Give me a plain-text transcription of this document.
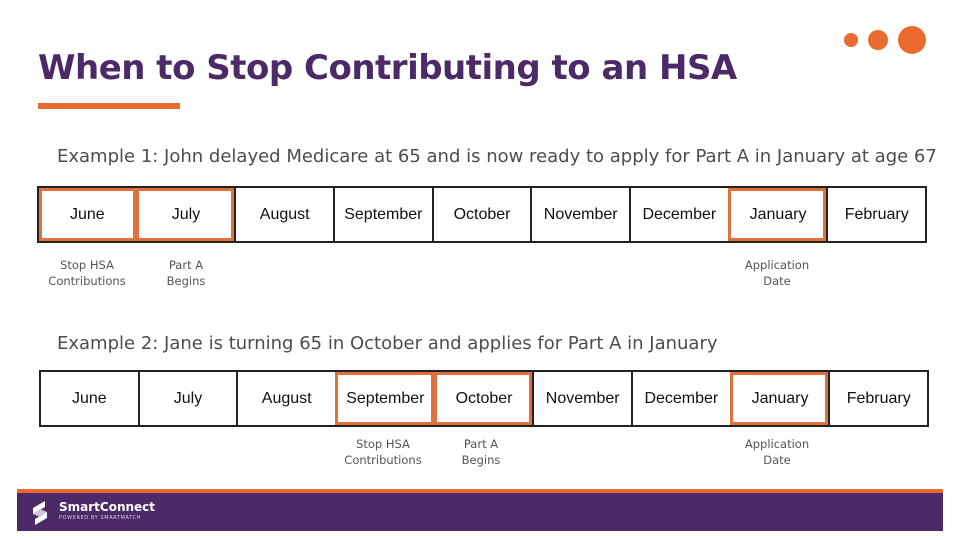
When to Stop Contributing to an HSA

Example 1: John delayed Medicare at 65 and is now ready to apply for Part A in January at age 67

June	July	August	September	October	November	December	January	February
Stop HSA
Contributions
Part A
Begins
Application
Date

Example 2: Jane is turning 65 in October and applies for Part A in January

June	July	August	September	October	November	December	January	February
Stop HSA
Contributions
Part A
Begins
Application
Date
SmartConnect
POWERED BY SMARTMATCH
